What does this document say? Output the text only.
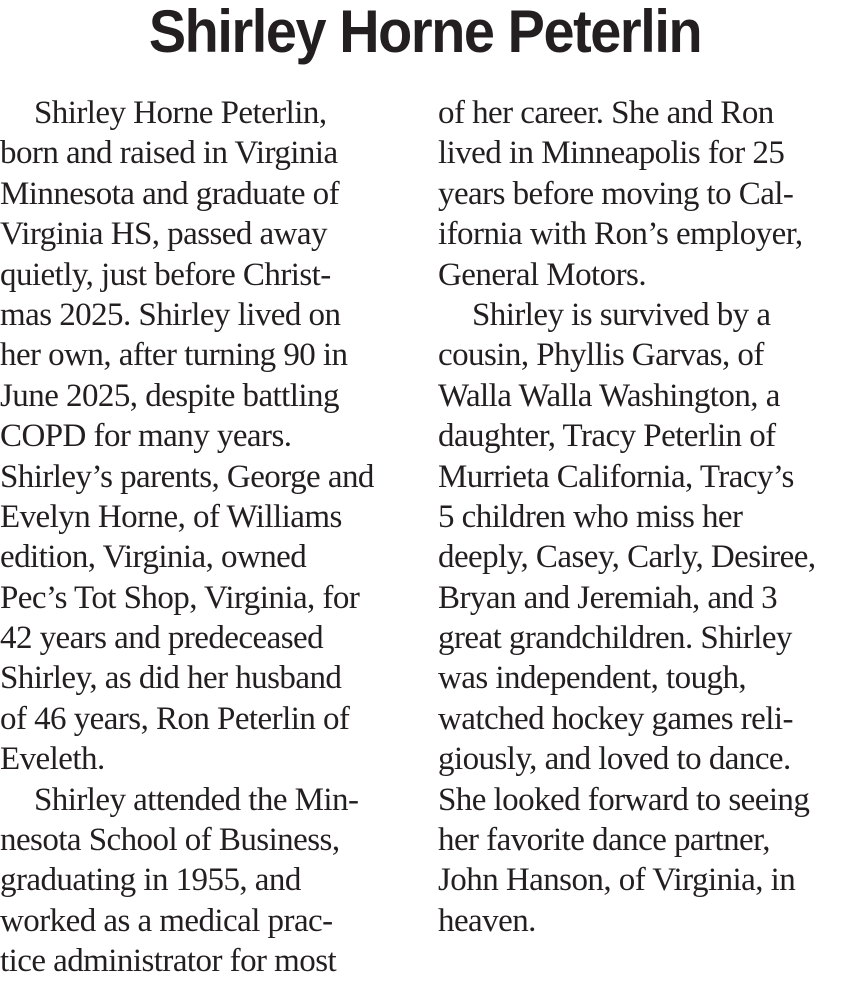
Shirley Horne Peterlin
Shirley Horne Peterlin,
born and raised in Virginia
Minnesota and graduate of
Virginia HS, passed away
quietly, just before Christ-
mas 2025. Shirley lived on
her own, after turning 90 in
June 2025, despite battling
COPD for many years.
Shirley’s parents, George and
Evelyn Horne, of Williams
edition, Virginia, owned
Pec’s Tot Shop, Virginia, for
42 years and predeceased
Shirley, as did her husband
of 46 years, Ron Peterlin of
Eveleth.
Shirley attended the Min-
nesota School of Business,
graduating in 1955, and
worked as a medical prac-
tice administrator for most
of her career. She and Ron
lived in Minneapolis for 25
years before moving to Cal-
ifornia with Ron’s employer,
General Motors.
Shirley is survived by a
cousin, Phyllis Garvas, of
Walla Walla Washington, a
daughter, Tracy Peterlin of
Murrieta California, Tracy’s
5 children who miss her
deeply, Casey, Carly, Desiree,
Bryan and Jeremiah, and 3
great grandchildren. Shirley
was independent, tough,
watched hockey games reli-
giously, and loved to dance.
She looked forward to seeing
her favorite dance partner,
John Hanson, of Virginia, in
heaven.
